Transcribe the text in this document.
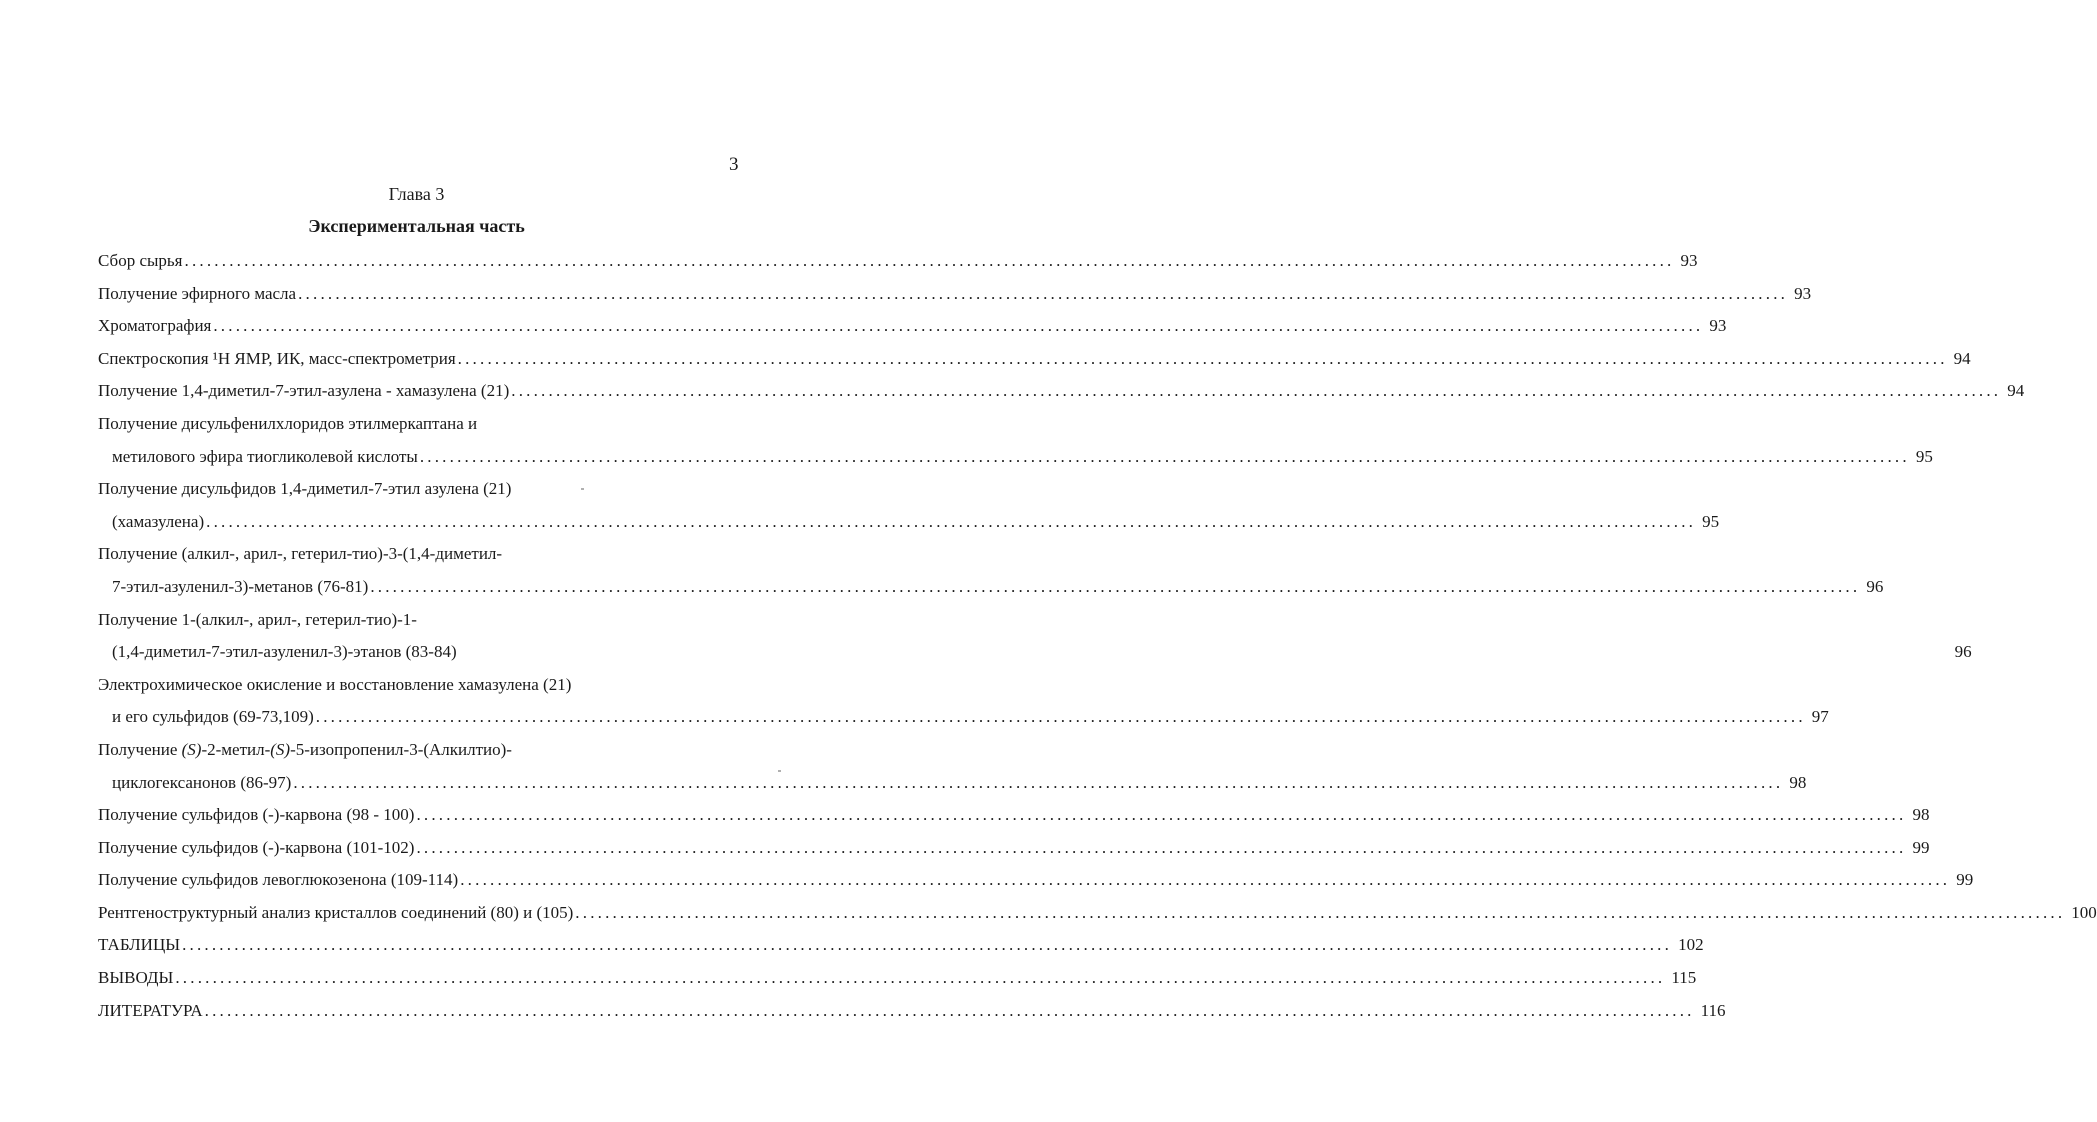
3
Глава 3
Экспериментальная часть
Сбор сырья ........................................................................................................................................................................................................ 93
Получение эфирного масла ........................................................................................................................................................................................................ 93
Хроматография ........................................................................................................................................................................................................ 93
Спектроскопия ¹Н ЯМР, ИК, масс-спектрометрия ........................................................................................................................................................................................................ 94
Получение 1,4-диметил-7-этил-азулена - хамазулена (21) ........................................................................................................................................................................................................ 94
Получение дисульфенилхлоридов этилмеркаптана и
метилового эфира тиогликолевой кислоты ........................................................................................................................................................................................................ 95
Получение дисульфидов 1,4-диметил-7-этил азулена (21)
(хамазулена) ........................................................................................................................................................................................................ 95
Получение (алкил-, арил-, гетерил-тио)-3-(1,4-диметил-
7-этил-азуленил-3)-метанов (76-81) ........................................................................................................................................................................................................ 96
Получение 1-(алкил-, арил-, гетерил-тио)-1-
(1,4-диметил-7-этил-азуленил-3)-этанов (83-84)	96
Электрохимическое окисление и восстановление хамазулена (21)
и его сульфидов (69-73,109) ........................................................................................................................................................................................................ 97
Получение (S)-2-метил-(S)-5-изопропенил-3-(Алкилтио)-
циклогексанонов (86-97) ........................................................................................................................................................................................................ 98
Получение сульфидов (-)-карвона (98 - 100) ........................................................................................................................................................................................................ 98
Получение сульфидов (-)-карвона (101-102) ........................................................................................................................................................................................................ 99
Получение сульфидов левоглюкозенона (109-114) ........................................................................................................................................................................................................ 99
Рентгеноструктурный анализ кристаллов соединений (80) и (105) ........................................................................................................................................................................................................ 100
ТАБЛИЦЫ ........................................................................................................................................................................................................ 102
ВЫВОДЫ ........................................................................................................................................................................................................ 115
ЛИТЕРАТУРА ........................................................................................................................................................................................................ 116
